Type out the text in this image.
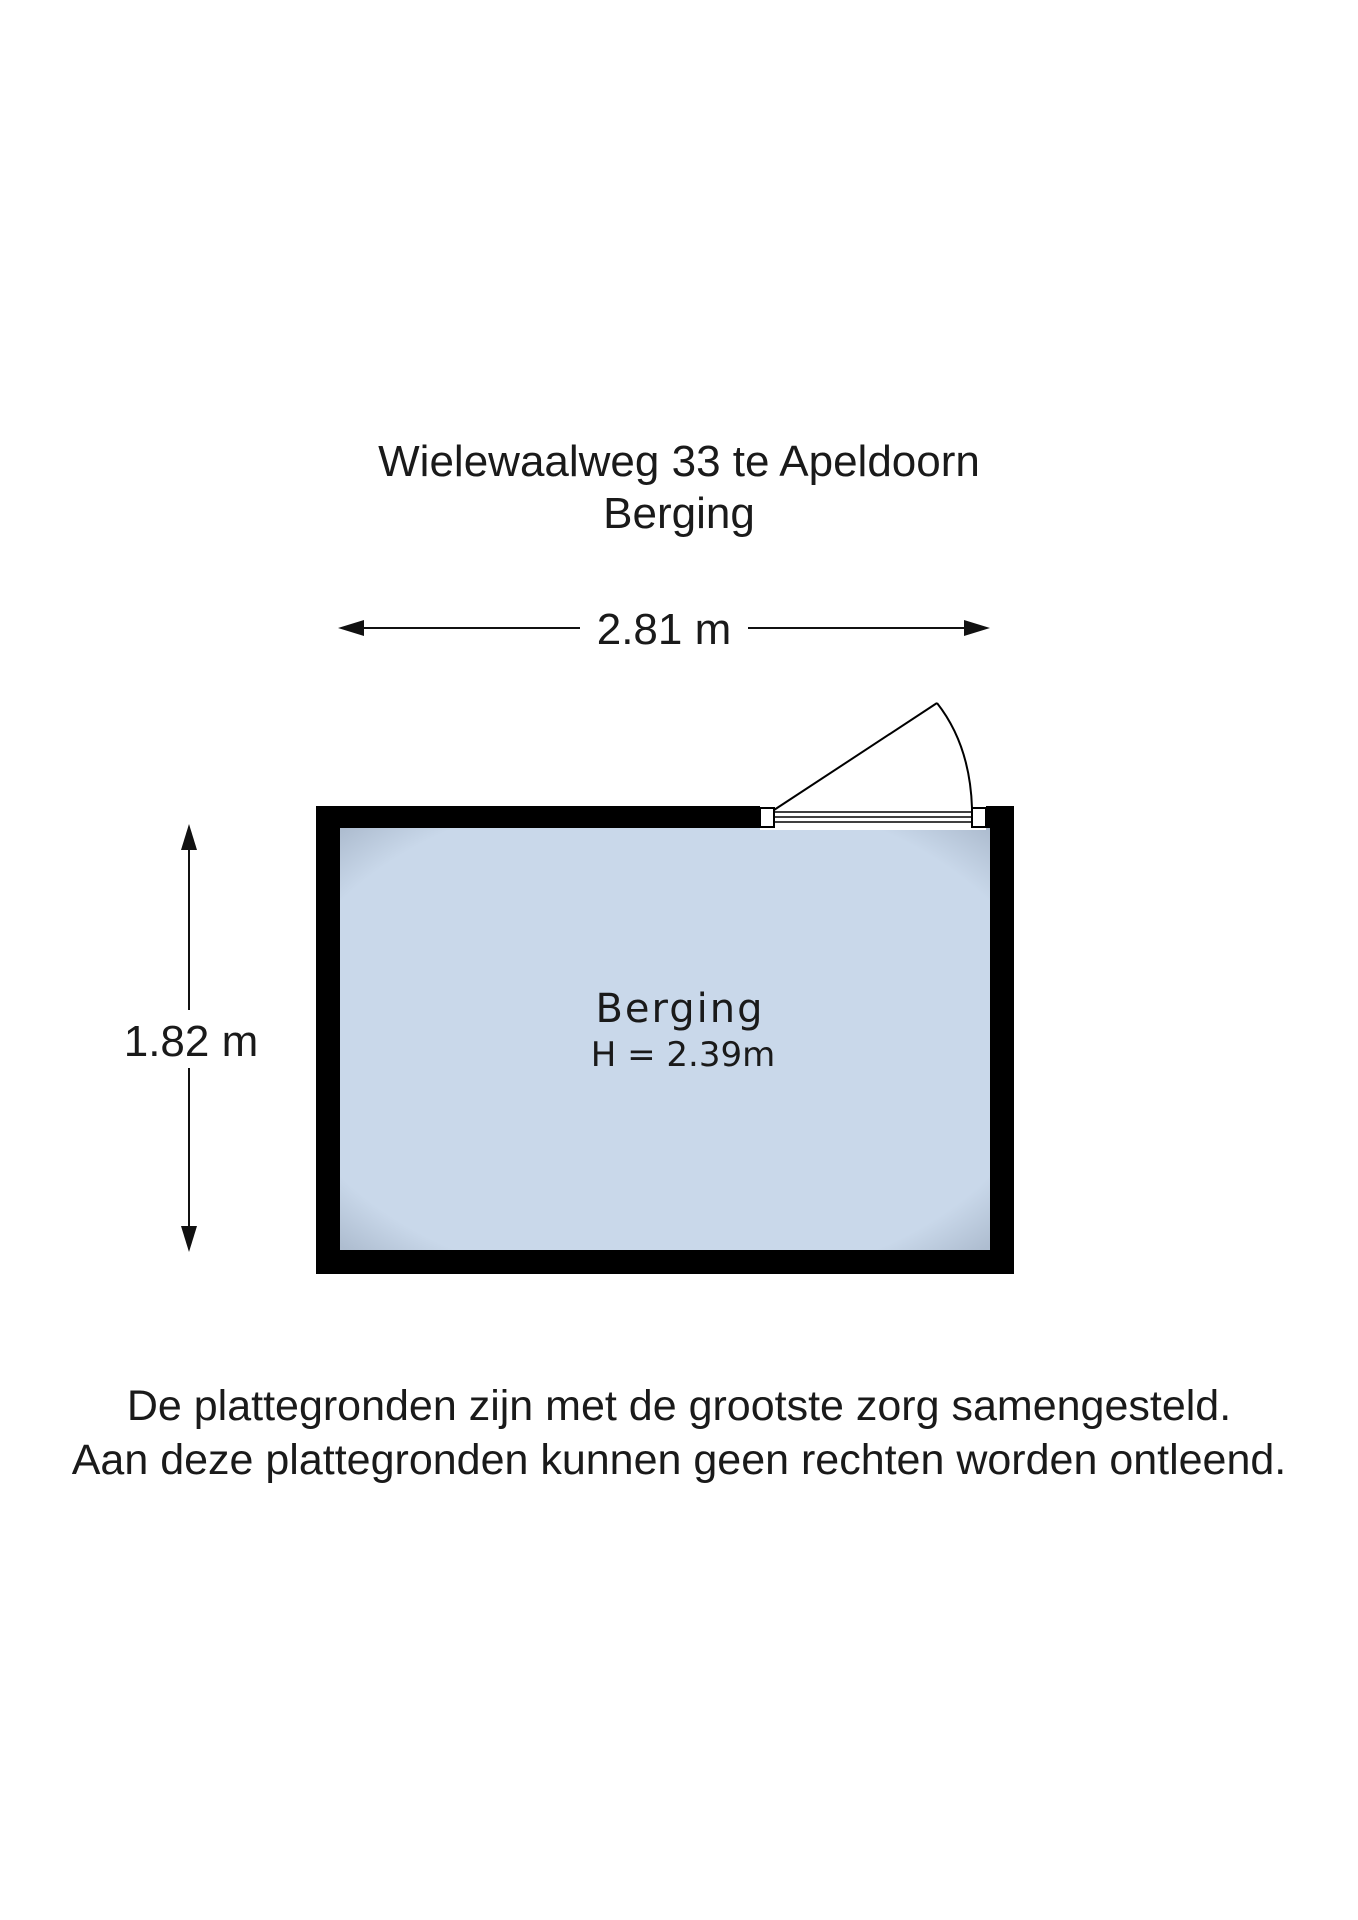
Wielewaalweg 33 te Apeldoorn
Berging
2.81 m
1.82 m
Berging
H = 2.39m
De plattegronden zijn met de grootste zorg samengesteld.
Aan deze plattegronden kunnen geen rechten worden ontleend.
